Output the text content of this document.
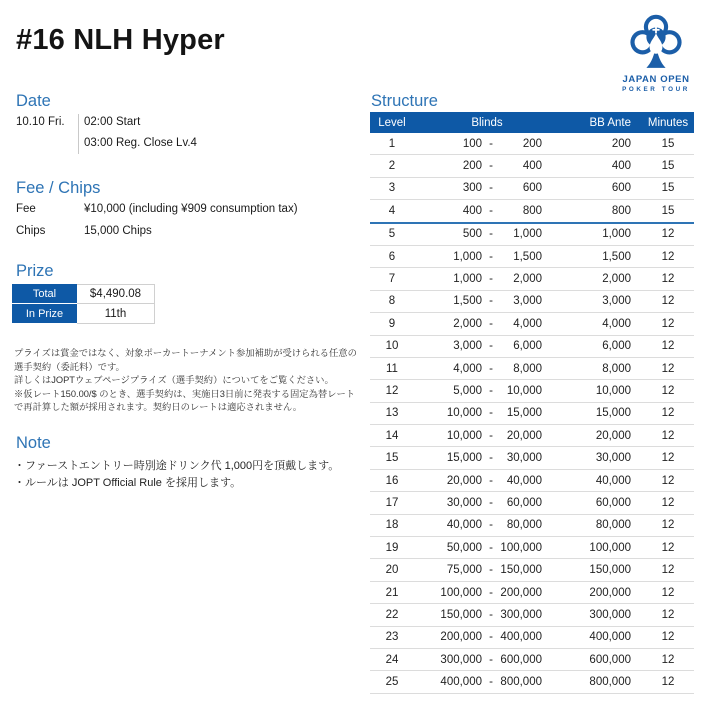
#16 NLH Hyper
JAPAN OPEN
POKER TOUR
Date
10.10 Fri. 02:00 Start
03:00 Reg. Close Lv.4
Fee / Chips
Fee	¥10,000 (including ¥909 consumption tax)
Chips	15,000 Chips
Prize
Total	$4,490.08
In Prize	11th

プライズは賞金ではなく、対象ポーカートーナメント参加補助が受けられる任意の選手契約（委託料）です。

詳しくはJOPTウェブページプライズ（選手契約）についてをご覧ください。

※仮レート150.00/$ のとき、選手契約は、実施日3日前に発表する固定為替レートで再計算した額が採用されます。契約日のレートは適応されません。

Note
・ファーストエントリー時別途ドリンク代 1,000円を頂戴します。
・ルールは JOPT Official Rule を採用します。
Structure
Level	Blinds	BB Ante	Minutes
1	100 -	200	200	15
2	200 -	400	400	15
3	300 -	600	600	15
4	400 -	800	800	15
5	500 -	1,000	1,000	12
6	1,000 -	1,500	1,500	12
7	1,000 -	2,000	2,000	12
8	1,500 -	3,000	3,000	12
9	2,000 -	4,000	4,000	12
10	3,000 -	6,000	6,000	12
11	4,000 -	8,000	8,000	12
12	5,000 -	10,000	10,000	12
13	10,000 -	15,000	15,000	12
14	10,000 -	20,000	20,000	12
15	15,000 -	30,000	30,000	12
16	20,000 -	40,000	40,000	12
17	30,000 -	60,000	60,000	12
18	40,000 -	80,000	80,000	12
19	50,000 - 100,000	100,000	12
20	75,000 - 150,000	150,000	12
21	100,000 - 200,000	200,000	12
22	150,000 - 300,000	300,000	12
23	200,000 - 400,000	400,000	12
24	300,000 - 600,000	600,000	12
25	400,000 - 800,000	800,000	12
